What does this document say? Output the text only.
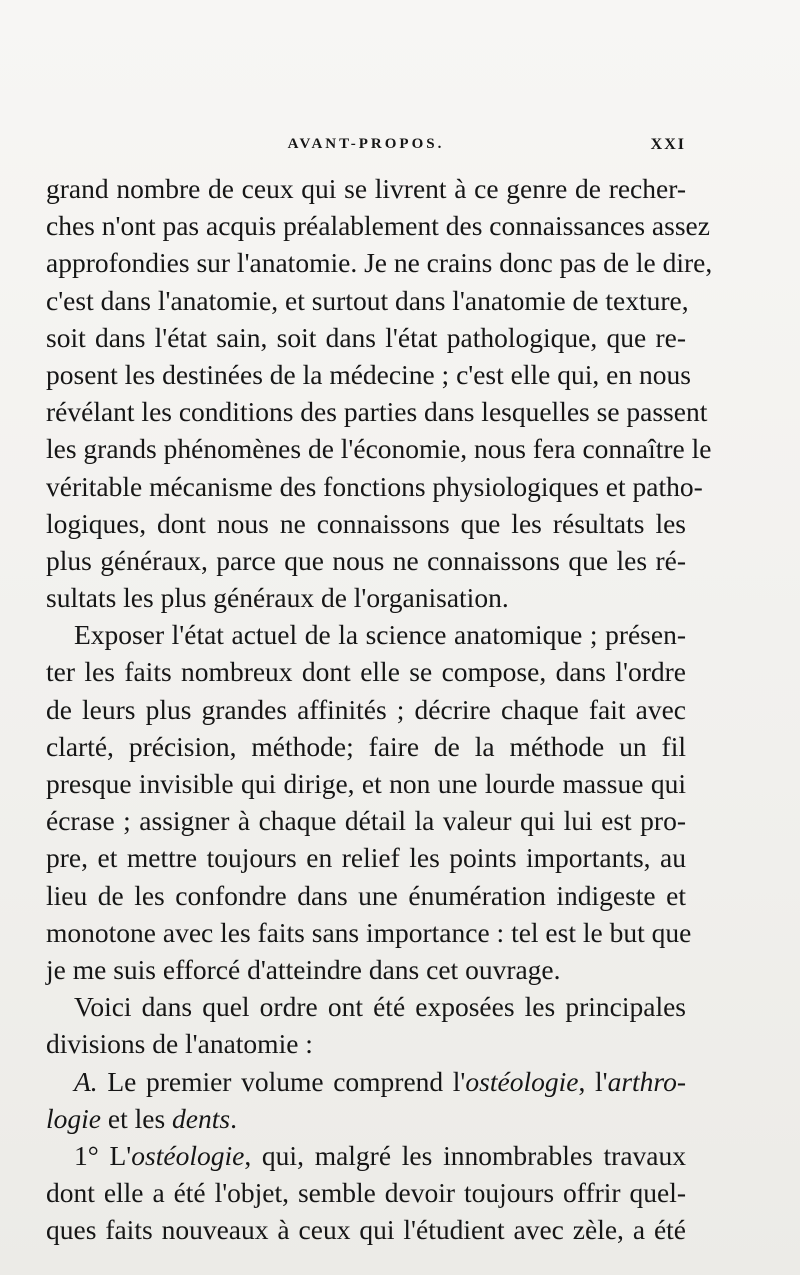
AVANT-PROPOS.	XXI
grand nombre de ceux qui se livrent à ce genre de recher-
ches n'ont pas acquis préalablement des connaissances assez
approfondies sur l'anatomie. Je ne crains donc pas de le dire,
c'est dans l'anatomie, et surtout dans l'anatomie de texture,
soit dans l'état sain, soit dans l'état pathologique, que re-
posent les destinées de la médecine ; c'est elle qui, en nous
révélant les conditions des parties dans lesquelles se passent
les grands phénomènes de l'économie, nous fera connaître le
véritable mécanisme des fonctions physiologiques et patho-
logiques, dont nous ne connaissons que les résultats les
plus généraux, parce que nous ne connaissons que les ré-
sultats les plus généraux de l'organisation.
Exposer l'état actuel de la science anatomique ; présen-
ter les faits nombreux dont elle se compose, dans l'ordre
de leurs plus grandes affinités ; décrire chaque fait avec
clarté, précision, méthode; faire de la méthode un fil
presque invisible qui dirige, et non une lourde massue qui
écrase ; assigner à chaque détail la valeur qui lui est pro-
pre, et mettre toujours en relief les points importants, au
lieu de les confondre dans une énumération indigeste et
monotone avec les faits sans importance : tel est le but que
je me suis efforcé d'atteindre dans cet ouvrage.
Voici dans quel ordre ont été exposées les principales
divisions de l'anatomie :
A. Le premier volume comprend l'ostéologie, l'arthro-
logie et les dents.
1° L'ostéologie, qui, malgré les innombrables travaux
dont elle a été l'objet, semble devoir toujours offrir quel-
ques faits nouveaux à ceux qui l'étudient avec zèle, a été
